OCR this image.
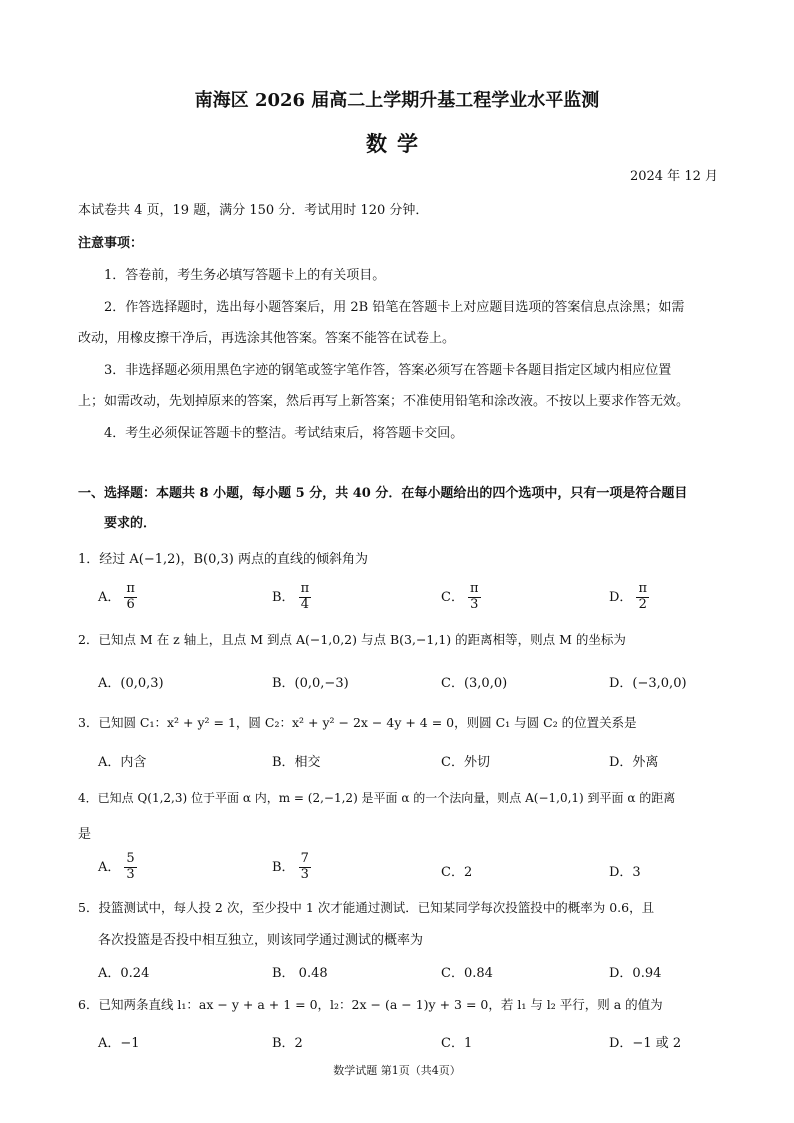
南海区 2026 届高二上学期升基工程学业水平监测
数学
2024 年 12 月
本试卷共 4 页，19 题，满分 150 分．考试用时 120 分钟．
注意事项：
1．答卷前，考生务必填写答题卡上的有关项目。
2．作答选择题时，选出每小题答案后，用 2B 铅笔在答题卡上对应题目选项的答案信息点涂黑；如需
改动，用橡皮擦干净后，再选涂其他答案。答案不能答在试卷上。
3．非选择题必须用黑色字迹的钢笔或签字笔作答，答案必须写在答题卡各题目指定区域内相应位置
上；如需改动，先划掉原来的答案，然后再写上新答案；不准使用铅笔和涂改液。不按以上要求作答无效。
4．考生必须保证答题卡的整洁。考试结束后，将答题卡交回。
一、选择题：本题共 8 小题，每小题 5 分，共 40 分．在每小题给出的四个选项中，只有一项是符合题目
要求的．
1．经过 A(−1,2)，B(0,3) 两点的直线的倾斜角为
A． $\frac{\pi}{6}$	B． $\frac{\pi}{4}$	C． $\frac{\pi}{3}$	D． $\frac{\pi}{2}$
2．已知点 M 在 z 轴上，且点 M 到点 A(−1,0,2) 与点 B(3,−1,1) 的距离相等，则点 M 的坐标为
A．(0,0,3)	B．(0,0,−3)	C．(3,0,0)	D．(−3,0,0)
3．已知圆 C₁：x² + y² = 1，圆 C₂：x² + y² − 2x − 4y + 4 = 0，则圆 C₁ 与圆 C₂ 的位置关系是
A．内含	B．相交	C．外切	D．外离
4．已知点 Q(1,2,3) 位于平面 α 内，m = (2,−1,2) 是平面 α 的一个法向量，则点 A(−1,0,1) 到平面 α 的距离
是
A． $\frac{5}{3}$	B． $\frac{7}{3}$	C．2	D．3
5．投篮测试中，每人投 2 次，至少投中 1 次才能通过测试．已知某同学每次投篮投中的概率为 0.6，且
各次投篮是否投中相互独立，则该同学通过测试的概率为
A．0.24	B． 0.48	C．0.84	D．0.94
6．已知两条直线 l₁：ax − y + a + 1 = 0，l₂：2x − (a − 1)y + 3 = 0，若 l₁ 与 l₂ 平行，则 a 的值为
A．−1	B．2	C．1	D．−1 或 2
数学试题 第1页（共4页）
